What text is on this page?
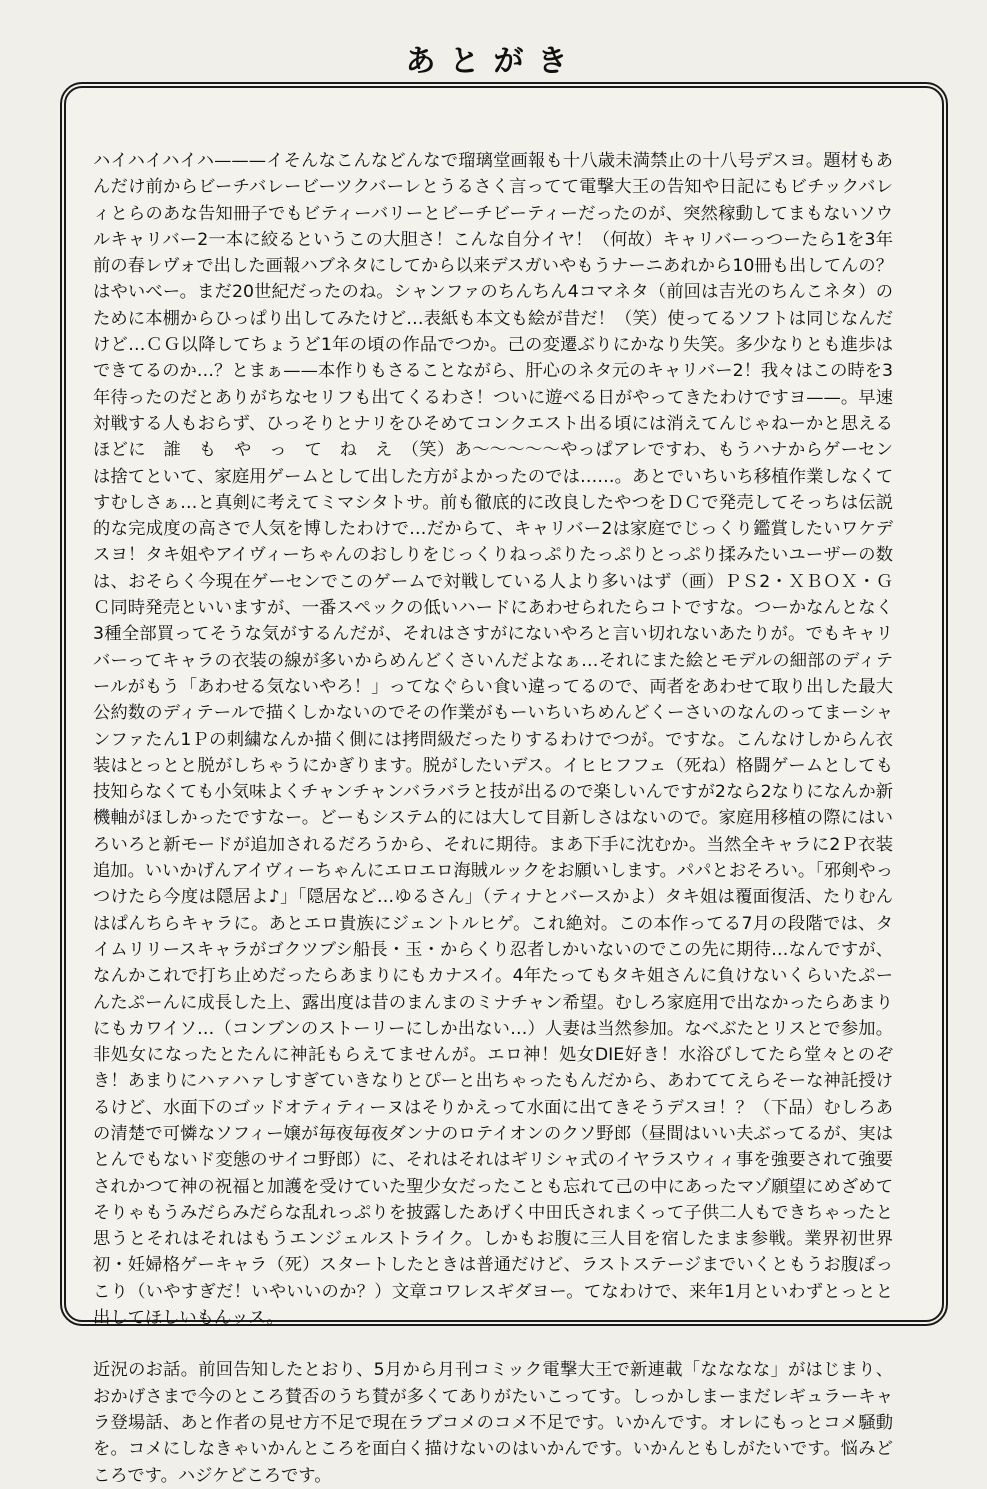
あとがき

ハイハイハイハ———イそんなこんなどんなで瑠璃堂画報も十八歳未満禁止の十八号デスヨ。題材もあんだけ前からビーチバレービーツクバーレとうるさく言ってて電撃大王の告知や日記にもビチックバレィとらのあな告知冊子でもビティーバリーとビーチビーティーだったのが、突然稼動してまもないソウルキャリバー2一本に絞るというこの大胆さ！こんな自分イヤ！（何故）キャリバーっつーたら1を3年前の春レヴォで出した画報ハブネタにしてから以来デスガいやもうナーニあれから10冊も出してんの？はやいべー。まだ20世紀だったのね。シャンファのちんちん4コマネタ（前回は吉光のちんこネタ）のために本棚からひっぱり出してみたけど…表紙も本文も絵が昔だ！（笑）使ってるソフトは同じなんだけど…ＣＧ以降してちょうど1年の頃の作品でつか。己の変遷ぶりにかなり失笑。多少なりとも進歩はできてるのか…？とまぁ——本作りもさることながら、肝心のネタ元のキャリバー2！我々はこの時を3年待ったのだとありがちなセリフも出てくるわさ！ついに遊べる日がやってきたわけですヨ——。早速対戦する人もおらず、ひっそりとナリをひそめてコンクエスト出る頃には消えてんじゃねーかと思えるほどに　誰　も　や　っ　て　ね　え　（笑）あ～～～～～やっぱアレですわ、もうハナからゲーセンは捨てといて、家庭用ゲームとして出した方がよかったのでは……。あとでいちいち移植作業しなくてすむしさぁ…と真剣に考えてミマシタトサ。前も徹底的に改良したやつをＤＣで発売してそっちは伝説的な完成度の高さで人気を博したわけで…だからて、キャリバー2は家庭でじっくり鑑賞したいワケデスヨ！タキ姐やアイヴィーちゃんのおしりをじっくりねっぷりたっぷりとっぷり揉みたいユーザーの数は、おそらく今現在ゲーセンでこのゲームで対戦している人より多いはず（画）ＰＳ2・ＸＢＯＸ・ＧＣ同時発売といいますが、一番スペックの低いハードにあわせられたらコトですな。つーかなんとなく3種全部買ってそうな気がするんだが、それはさすがにないやろと言い切れないあたりが。でもキャリバーってキャラの衣装の線が多いからめんどくさいんだよなぁ…それにまた絵とモデルの細部のディテールがもう「あわせる気ないやろ！」ってなぐらい食い違ってるので、両者をあわせて取り出した最大公約数のディテールで描くしかないのでその作業がもーいちいちめんどくーさいのなんのってまーシャンファたん1Ｐの刺繍なんか描く側には拷問級だったりするわけでつが。ですな。こんなけしからん衣装はとっとと脱がしちゃうにかぎります。脱がしたいデス。イヒヒフフェ（死ね）格闘ゲームとしても技知らなくても小気味よくチャンチャンバラバラと技が出るので楽しいんですが2なら2なりになんか新機軸がほしかったですなー。どーもシステム的には大して目新しさはないので。家庭用移植の際にはいろいろと新モードが追加されるだろうから、それに期待。まあ下手に沈むか。当然全キャラに2Ｐ衣装追加。いいかげんアイヴィーちゃんにエロエロ海賊ルックをお願いします。パパとおそろい。「邪剣やっつけたら今度は隠居よ♪」「隠居など…ゆるさん」（ティナとバースかよ）タキ姐は覆面復活、たりむんはぱんちらキャラに。あとエロ貴族にジェントルヒゲ。これ絶対。この本作ってる7月の段階では、タイムリリースキャラがゴクツブシ船長・玉・からくり忍者しかいないのでこの先に期待…なんですが、なんかこれで打ち止めだったらあまりにもカナスイ。4年たってもタキ姐さんに負けないくらいたぷーんたぷーんに成長した上、露出度は昔のまんまのミナチャン希望。むしろ家庭用で出なかったらあまりにもカワイソ…（コンブンのストーリーにしか出ない…）人妻は当然参加。なべぶたとリスとで参加。非処女になったとたんに神託もらえてませんが。エロ神！処女DIE好き！水浴びしてたら堂々とのぞき！あまりにハァハァしすぎていきなりとぴーと出ちゃったもんだから、あわててえらそーな神託授けるけど、水面下のゴッドオティティーヌはそりかえって水面に出てきそうデスヨ！？（下品）むしろあの清楚で可憐なソフィー嬢が毎夜毎夜ダンナのロテイオンのクソ野郎（昼間はいい夫ぶってるが、実はとんでもないド変態のサイコ野郎）に、それはそれはギリシャ式のイヤラスウィィ事を強要されて強要されかつて神の祝福と加護を受けていた聖少女だったことも忘れて己の中にあったマゾ願望にめざめてそりゃもうみだらみだらな乱れっぷりを披露したあげく中田氏されまくって子供二人もできちゃったと思うとそれはそれはもうエンジェルストライク。しかもお腹に三人目を宿したまま参戦。業界初世界初・妊婦格ゲーキャラ（死）スタートしたときは普通だけど、ラストステージまでいくともうお腹ぽっこり（いやすぎだ！いやいいのか？）文章コワレスギダヨー。てなわけで、来年1月といわずとっとと出してほしいもんッス。

近況のお話。前回告知したとおり、5月から月刊コミック電撃大王で新連載「なななな」がはじまり、おかげさまで今のところ賛否のうち賛が多くてありがたいこってす。しっかしまーまだレギュラーキャラ登場話、あと作者の見せ方不足で現在ラブコメのコメ不足です。いかんです。オレにもっとコメ騒動を。コメにしなきゃいかんところを面白く描けないのはいかんです。いかんともしがたいです。悩みどころです。ハジケどころです。
